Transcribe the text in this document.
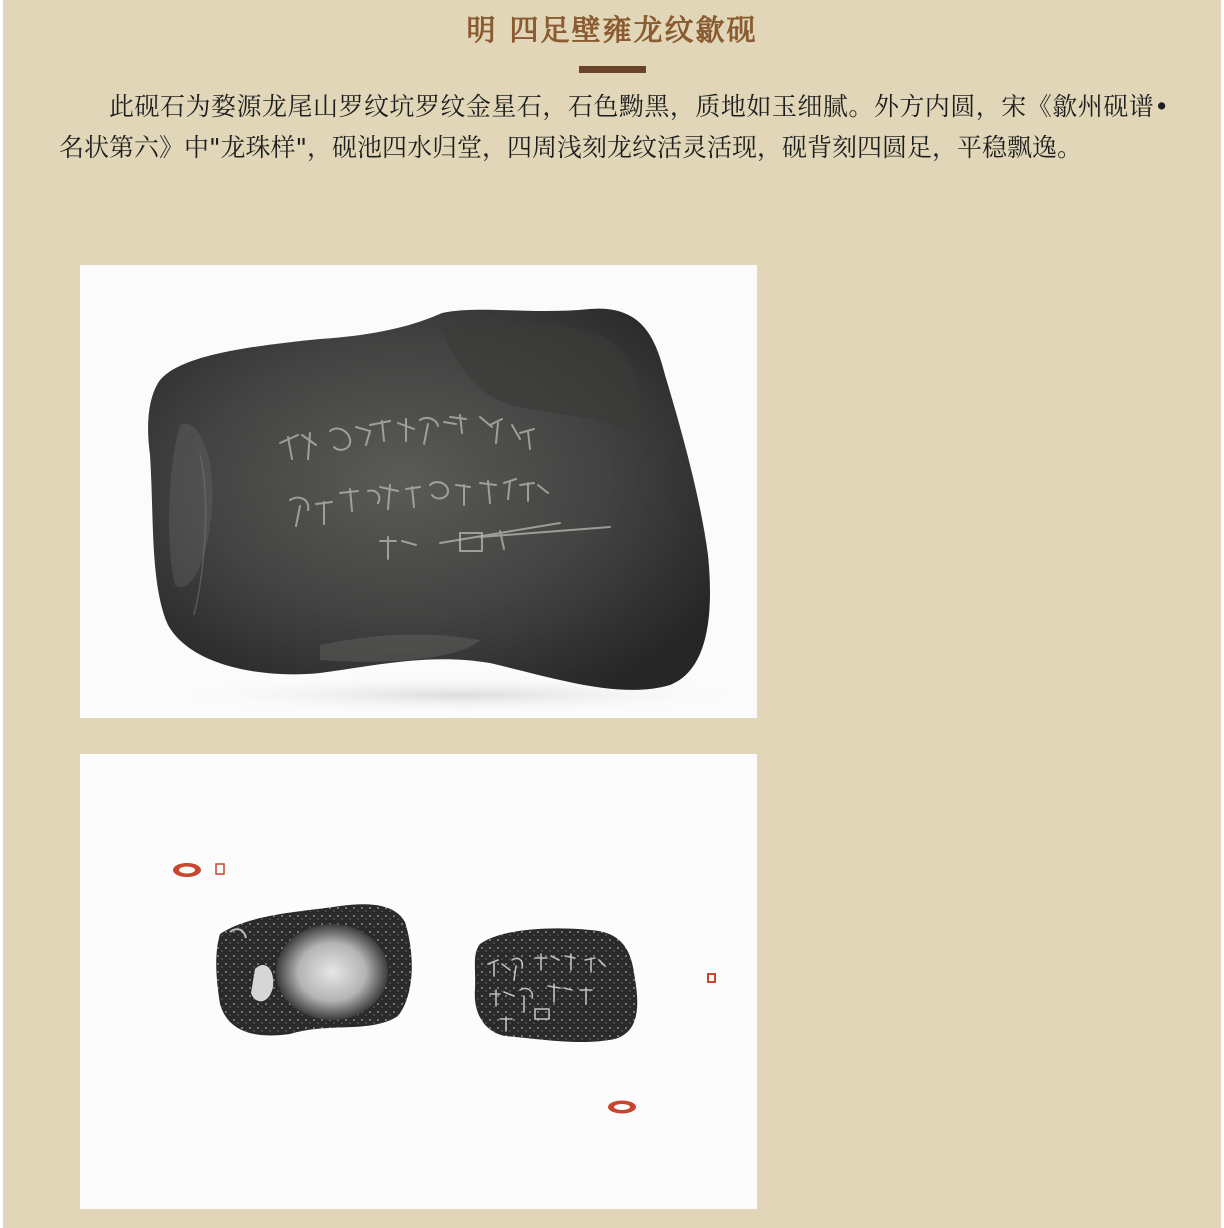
明 四足壁雍龙纹歙砚

此砚石为婺源龙尾山罗纹坑罗纹金星石，石色黝黑，质地如玉细腻。外方内圆，宋《歙州砚谱•名状第六》中"龙珠样"，砚池四水归堂，四周浅刻龙纹活灵活现，砚背刻四圆足，平稳飘逸。
